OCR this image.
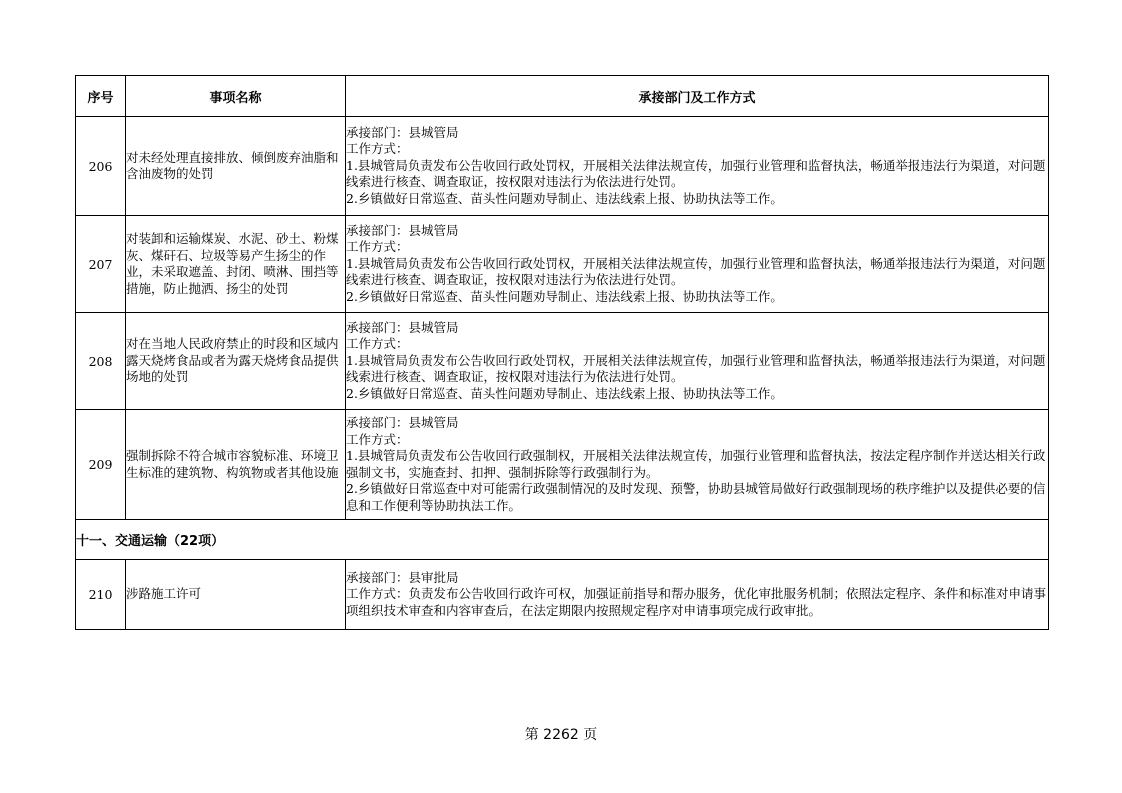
序号	事项名称	承接部门及工作方式
206	对未经处理直接排放、倾倒废弃油脂和含油废物的处罚	承接部门：县城管局
工作方式：
1.县城管局负责发布公告收回行政处罚权，开展相关法律法规宣传，加强行业管理和监督执法，畅通举报违法行为渠道，对问题线索进行核查、调查取证，按权限对违法行为依法进行处罚。
2.乡镇做好日常巡查、苗头性问题劝导制止、违法线索上报、协助执法等工作。

207	对装卸和运输煤炭、水泥、砂土、粉煤灰、煤矸石、垃圾等易产生扬尘的作业，未采取遮盖、封闭、喷淋、围挡等措施，防止抛洒、扬尘的处罚	承接部门：县城管局
工作方式：
1.县城管局负责发布公告收回行政处罚权，开展相关法律法规宣传，加强行业管理和监督执法，畅通举报违法行为渠道，对问题线索进行核查、调查取证，按权限对违法行为依法进行处罚。
2.乡镇做好日常巡查、苗头性问题劝导制止、违法线索上报、协助执法等工作。

208	对在当地人民政府禁止的时段和区域内露天烧烤食品或者为露天烧烤食品提供场地的处罚	承接部门：县城管局
工作方式：
1.县城管局负责发布公告收回行政处罚权，开展相关法律法规宣传，加强行业管理和监督执法，畅通举报违法行为渠道，对问题线索进行核查、调查取证，按权限对违法行为依法进行处罚。
2.乡镇做好日常巡查、苗头性问题劝导制止、违法线索上报、协助执法等工作。

209	强制拆除不符合城市容貌标准、环境卫生标准的建筑物、构筑物或者其他设施	承接部门：县城管局
工作方式：
1.县城管局负责发布公告收回行政强制权，开展相关法律法规宣传，加强行业管理和监督执法，按法定程序制作并送达相关行政强制文书，实施查封、扣押、强制拆除等行政强制行为。
2.乡镇做好日常巡查中对可能需行政强制情况的及时发现、预警，协助县城管局做好行政强制现场的秩序维护以及提供必要的信息和工作便利等协助执法工作。

十一、交通运输（22项）		
210	涉路施工许可	承接部门：县审批局
工作方式：负责发布公告收回行政许可权，加强证前指导和帮办服务，优化审批服务机制；依照法定程序、条件和标准对申请事项组织技术审查和内容审查后，在法定期限内按照规定程序对申请事项完成行政审批。
第 2262 页
